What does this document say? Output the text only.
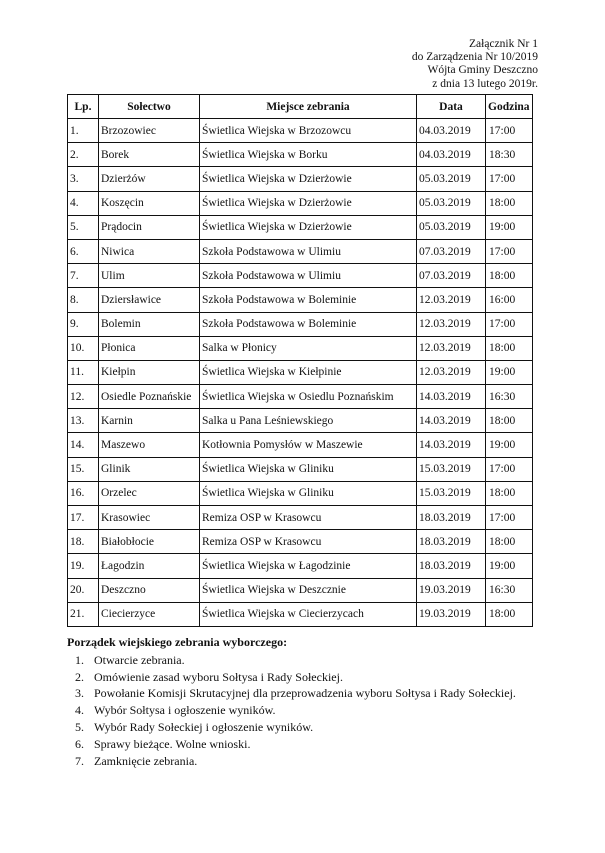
Załącznik Nr 1
do Zarządzenia Nr 10/2019
Wójta Gminy Deszczno
z dnia 13 lutego 2019r.
Lp.	Sołectwo	Miejsce zebrania	Data	Godzina
1.	Brzozowiec	Świetlica Wiejska w Brzozowcu	04.03.2019	17:00
2.	Borek	Świetlica Wiejska w Borku	04.03.2019	18:30
3.	Dzierżów	Świetlica Wiejska w Dzierżowie	05.03.2019	17:00
4.	Koszęcin	Świetlica Wiejska w Dzierżowie	05.03.2019	18:00
5.	Prądocin	Świetlica Wiejska w Dzierżowie	05.03.2019	19:00
6.	Niwica	Szkoła Podstawowa w Ulimiu	07.03.2019	17:00
7.	Ulim	Szkoła Podstawowa w Ulimiu	07.03.2019	18:00
8.	Dziersławice	Szkoła Podstawowa w Boleminie	12.03.2019	16:00
9.	Bolemin	Szkoła Podstawowa w Boleminie	12.03.2019	17:00
10.	Płonica	Salka w Płonicy	12.03.2019	18:00
11.	Kiełpin	Świetlica Wiejska w Kiełpinie	12.03.2019	19:00
12.	Osiedle Poznańskie	Świetlica Wiejska w Osiedlu Poznańskim	14.03.2019	16:30
13.	Karnin	Salka u Pana Leśniewskiego	14.03.2019	18:00
14.	Maszewo	Kotłownia Pomysłów w Maszewie	14.03.2019	19:00
15.	Glinik	Świetlica Wiejska w Gliniku	15.03.2019	17:00
16.	Orzelec	Świetlica Wiejska w Gliniku	15.03.2019	18:00
17.	Krasowiec	Remiza OSP w Krasowcu	18.03.2019	17:00
18.	Białobłocie	Remiza OSP w Krasowcu	18.03.2019	18:00
19.	Łagodzin	Świetlica Wiejska w Łagodzinie	18.03.2019	19:00
20.	Deszczno	Świetlica Wiejska w Deszcznie	19.03.2019	16:30
21.	Ciecierzyce	Świetlica Wiejska w Ciecierzycach	19.03.2019	18:00
Porządek wiejskiego zebrania wyborczego:
1. Otwarcie zebrania.
2. Omówienie zasad wyboru Sołtysa i Rady Sołeckiej.
3. Powołanie Komisji Skrutacyjnej dla przeprowadzenia wyboru Sołtysa i Rady Sołeckiej.
4. Wybór Sołtysa i ogłoszenie wyników.
5. Wybór Rady Sołeckiej i ogłoszenie wyników.
6. Sprawy bieżące. Wolne wnioski.
7. Zamknięcie zebrania.
